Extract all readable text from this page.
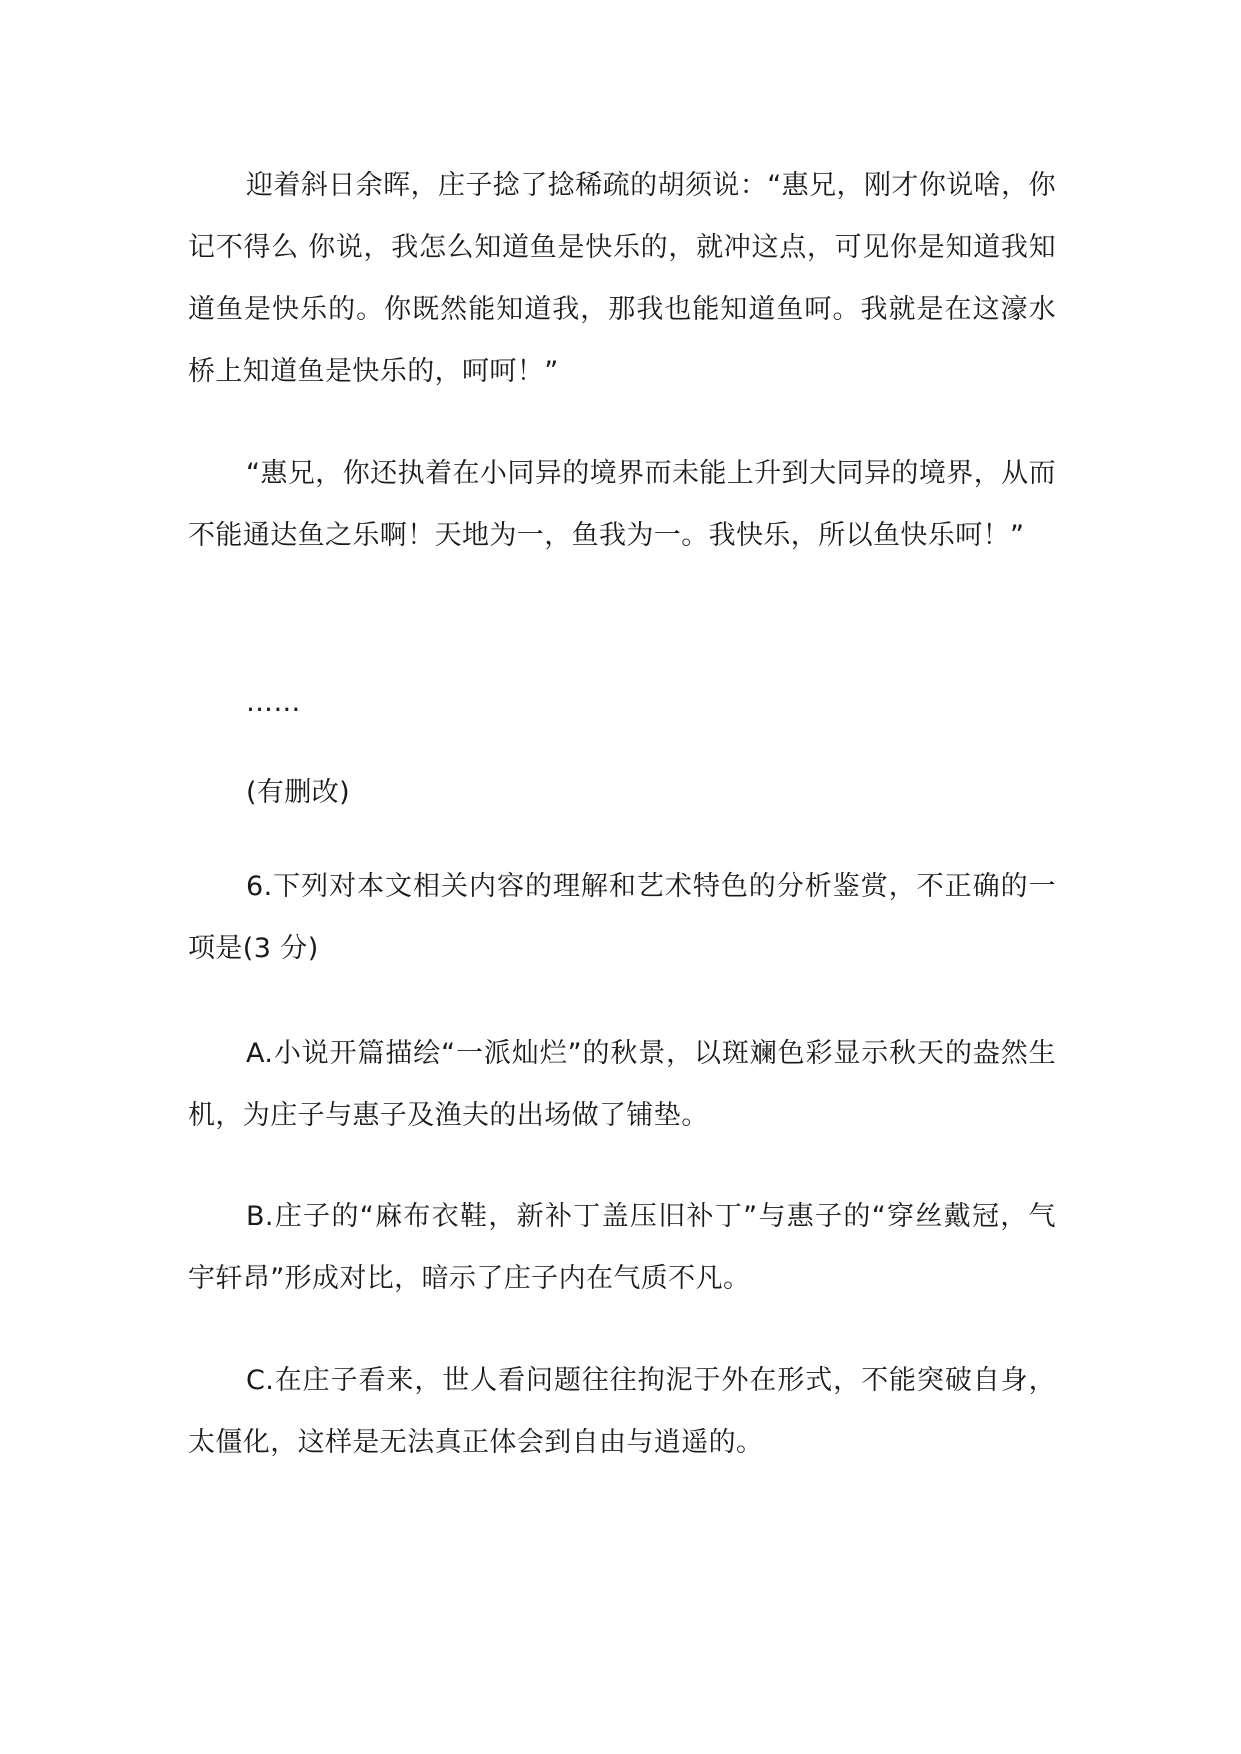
迎着斜日余晖，庄子捻了捻稀疏的胡须说：“惠兄，刚才你说啥，你记不得么 你说，我怎么知道鱼是快乐的，就冲这点，可见你是知道我知道鱼是快乐的。你既然能知道我，那我也能知道鱼呵。我就是在这濠水桥上知道鱼是快乐的，呵呵！”

“惠兄，你还执着在小同异的境界而未能上升到大同异的境界，从而不能通达鱼之乐啊！天地为一，鱼我为一。我快乐，所以鱼快乐呵！”

……

(有删改)

6.下列对本文相关内容的理解和艺术特色的分析鉴赏，不正确的一项是(3 分)

A.小说开篇描绘“一派灿烂”的秋景，以斑斓色彩显示秋天的盎然生机，为庄子与惠子及渔夫的出场做了铺垫。

B.庄子的“麻布衣鞋，新补丁盖压旧补丁”与惠子的“穿丝戴冠，气宇轩昂”形成对比，暗示了庄子内在气质不凡。

C.在庄子看来，世人看问题往往拘泥于外在形式，不能突破自身，太僵化，这样是无法真正体会到自由与逍遥的。
